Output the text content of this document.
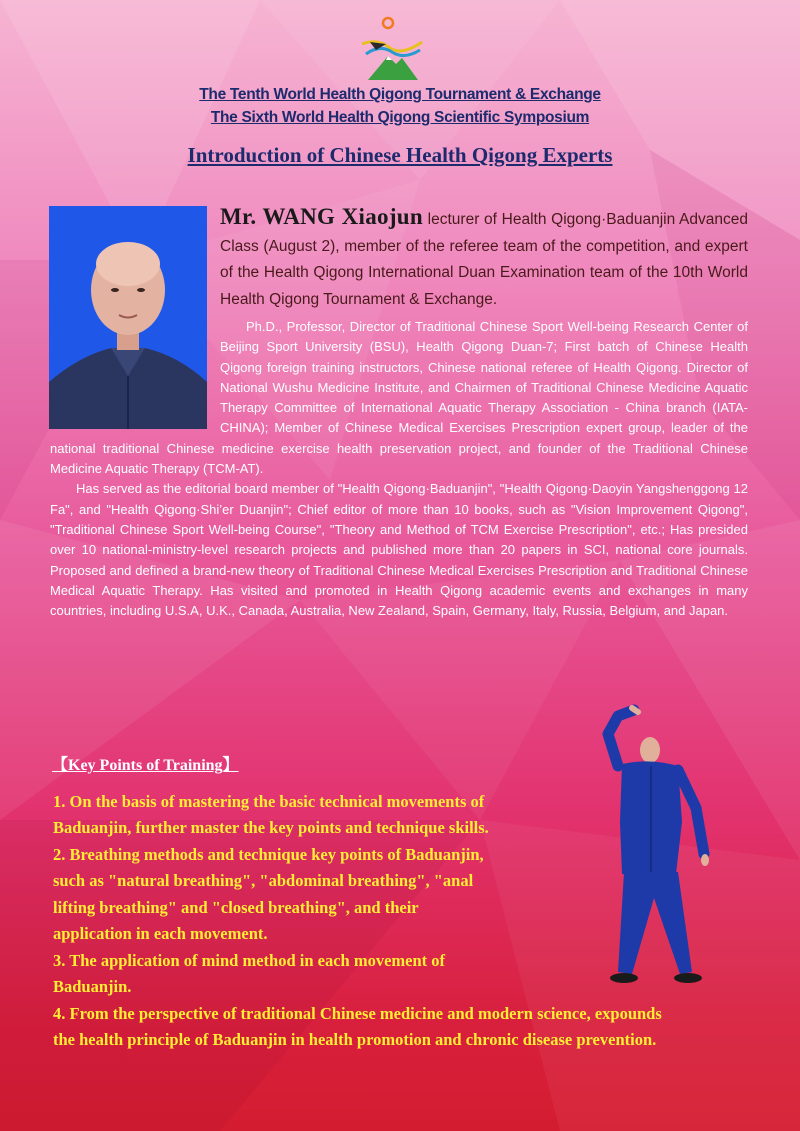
The Tenth World Health Qigong Tournament & Exchange
The Sixth World Health Qigong Scientific Symposium
Introduction of Chinese Health Qigong Experts

Mr. WANG Xiaojun lecturer of Health Qigong·Baduanjin Advanced Class (August 2), member of the referee team of the competition, and expert of the Health Qigong International Duan Examination team of the 10th World Health Qigong Tournament & Exchange.

Ph.D., Professor, Director of Traditional Chinese Sport Well-being Research Center of Beijing Sport University (BSU), Health Qigong Duan-7; First batch of Chinese Health Qigong foreign training instructors, Chinese national referee of Health Qigong. Director of National Wushu Medicine Institute, and Chairmen of Traditional Chinese Medicine Aquatic Therapy Committee of International Aquatic Therapy Association - China branch (IATA-CHINA); Member of Chinese Medical Exercises Prescription expert group, leader of the national traditional Chinese medicine exercise health preservation project, and founder of the Traditional Chinese Medicine Aquatic Therapy (TCM-AT).

Has served as the editorial board member of "Health Qigong·Baduanjin", "Health Qigong·Daoyin Yangshenggong 12 Fa", and "Health Qigong·Shi’er Duanjin"; Chief editor of more than 10 books, such as "Vision Improvement Qigong", "Traditional Chinese Sport Well-being Course", "Theory and Method of TCM Exercise Prescription", etc.; Has presided over 10 national-ministry-level research projects and published more than 20 papers in SCI, national core journals. Proposed and defined a brand-new theory of Traditional Chinese Medical Exercises Prescription and Traditional Chinese Medical Aquatic Therapy. Has visited and promoted in Health Qigong academic events and exchanges in many countries, including U.S.A, U.K., Canada, Australia, New Zealand, Spain, Germany, Italy, Russia, Belgium, and Japan.

【Key Points of Training】
1. On the basis of mastering the basic technical movements of
Baduanjin, further master the key points and technique skills.
2. Breathing methods and technique key points of Baduanjin,
such as "natural breathing", "abdominal breathing", "anal
lifting breathing" and "closed breathing", and their
application in each movement.
3. The application of mind method in each movement of
Baduanjin.
4. From the perspective of traditional Chinese medicine and modern science, expounds
the health principle of Baduanjin in health promotion and chronic disease prevention.
